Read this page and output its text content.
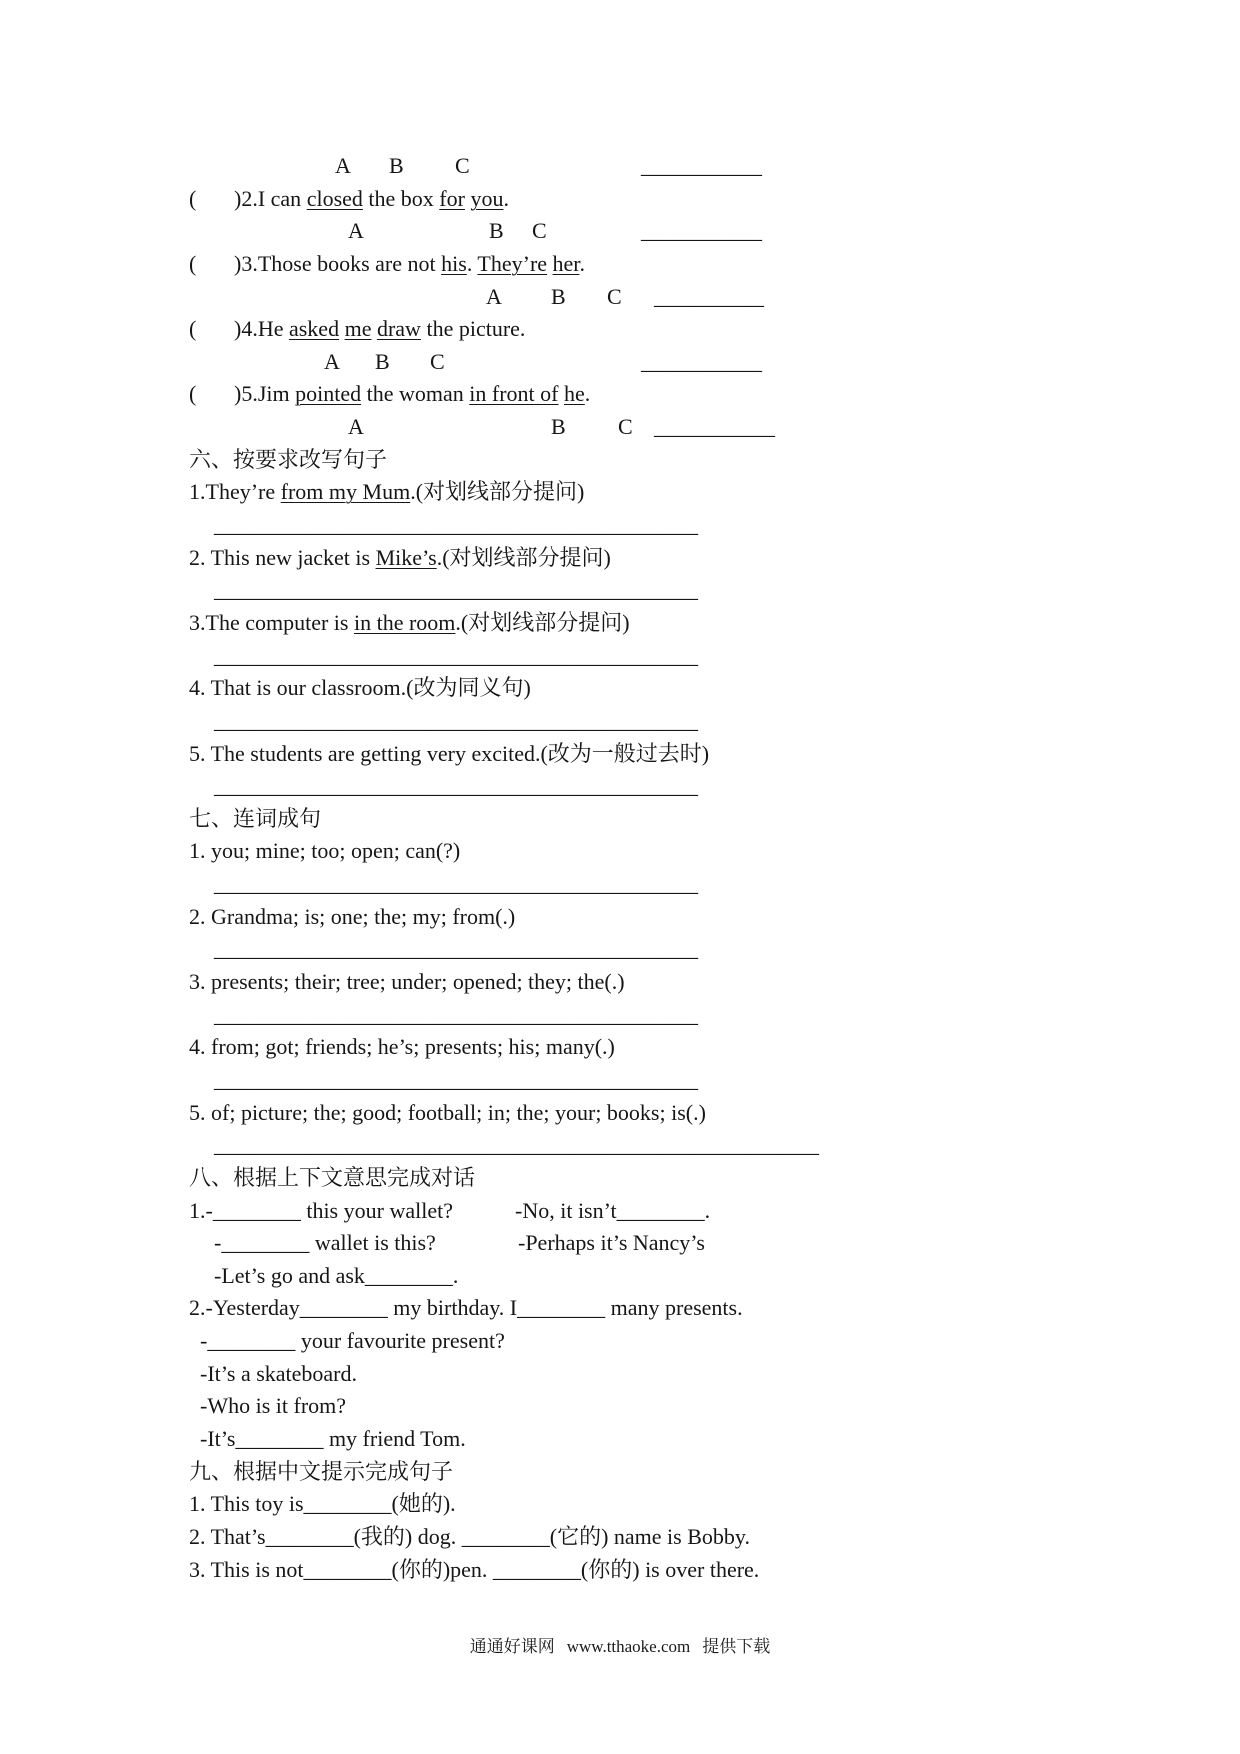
A B C	___________
( )2.I can closed the box for you.
A	B C	___________
( )3.Those books are not his. They’re her.
A B C __________
( )4.He asked me draw the picture.
A B C	___________
( )5.Jim pointed the woman in front of he.
A	B C ___________
六、按要求改写句子
1.They’re from my Mum.(对划线部分提问)
____________________________________________
2. This new jacket is Mike’s.(对划线部分提问)
____________________________________________
3.The computer is in the room.(对划线部分提问)
____________________________________________
4. That is our classroom.(改为同义句)
____________________________________________
5. The students are getting very excited.(改为一般过去时)
____________________________________________
七、连词成句
1. you; mine; too; open; can(?)
____________________________________________
2. Grandma; is; one; the; my; from(.)
____________________________________________
3. presents; their; tree; under; opened; they; the(.)
____________________________________________
4. from; got; friends; he’s; presents; his; many(.)
____________________________________________
5. of; picture; the; good; football; in; the; your; books; is(.)
_______________________________________________________
八、根据上下文意思完成对话
1.-________ this your wallet?	-No, it isn’t________.
-________ wallet is this?	-Perhaps it’s Nancy’s
-Let’s go and ask________.
2.-Yesterday________ my birthday. I________ many presents.
-________ your favourite present?
-It’s a skateboard.
-Who is it from?
-It’s________ my friend Tom.
九、根据中文提示完成句子
1. This toy is________(她的).
2. That’s________(我的) dog. ________(它的) name is Bobby.
3. This is not________(你的)pen. ________(你的) is over there.
通通好课网 www.tthaoke.com 提供下载
